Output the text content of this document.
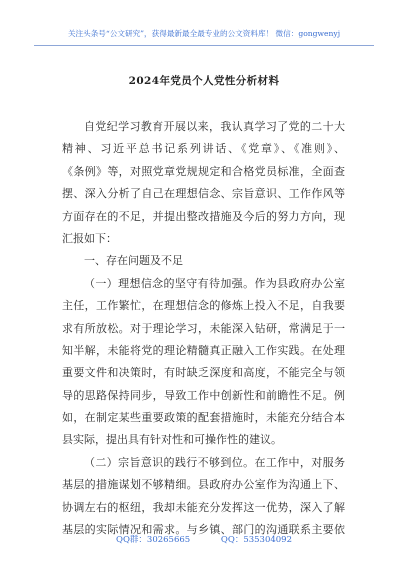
关注头条号“公文研究”，获得最新最全最专业的公文资料库！ 微信：gongwenyj
2024年党员个人党性分析材料
自党纪学习教育开展以来，我认真学习了党的二十大
精神、习近平总书记系列讲话、《党章》、《准则》、
《条例》等，对照党章党规规定和合格党员标准，全面查
摆、深入分析了自己在理想信念、宗旨意识、工作作风等
方面存在的不足，并提出整改措施及今后的努力方向，现
汇报如下：
一、存在问题及不足
（一）理想信念的坚守有待加强。作为县政府办公室
主任，工作繁忙，在理想信念的修炼上投入不足，自我要
求有所放松。对于理论学习，未能深入钻研，常满足于一
知半解，未能将党的理论精髓真正融入工作实践。在处理
重要文件和决策时，有时缺乏深度和高度，不能完全与领
导的思路保持同步，导致工作中创新性和前瞻性不足。例
如，在制定某些重要政策的配套措施时，未能充分结合本
县实际，提出具有针对性和可操作性的建议。
（二）宗旨意识的践行不够到位。在工作中，对服务
基层的措施谋划不够精细。县政府办公室作为沟通上下、
协调左右的枢纽，我却未能充分发挥这一优势，深入了解
基层的实际情况和需求。与乡镇、部门的沟通联系主要依
QQ群：30265665	QQ：535304092
